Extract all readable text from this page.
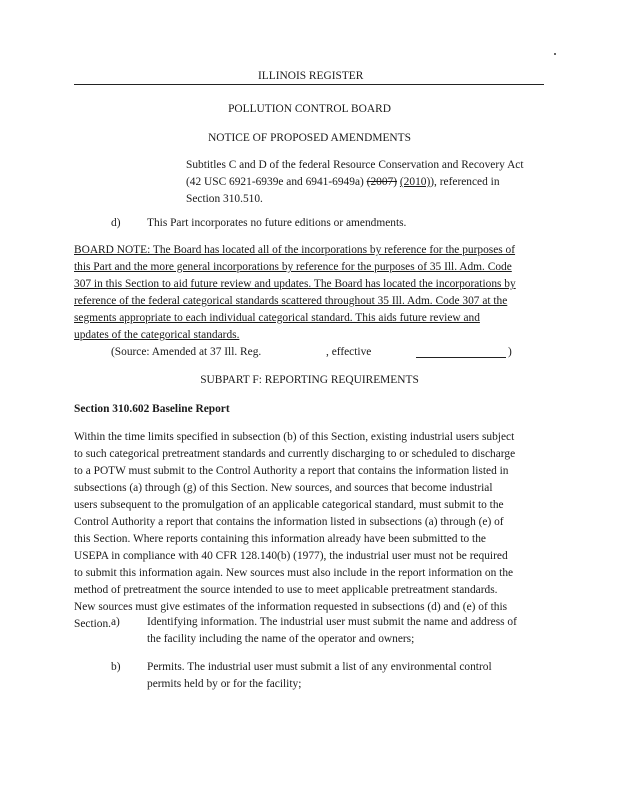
ILLINOIS REGISTER
POLLUTION CONTROL BOARD
NOTICE OF PROPOSED AMENDMENTS
Subtitles C and D of the federal Resource Conservation and Recovery Act
(42 USC 6921-6939e and 6941-6949a) (2007) (2010)), referenced in
Section 310.510.
d) This Part incorporates no future editions or amendments.
BOARD NOTE: The Board has located all of the incorporations by reference for the purposes of
this Part and the more general incorporations by reference for the purposes of 35 Ill. Adm. Code
307 in this Section to aid future review and updates. The Board has located the incorporations by
reference of the federal categorical standards scattered throughout 35 Ill. Adm. Code 307 at the
segments appropriate to each individual categorical standard. This aids future review and
updates of the categorical standards.
(Source: Amended at 37 Ill. Reg.	, effective	)
SUBPART F: REPORTING REQUIREMENTS
Section 310.602 Baseline Report
Within the time limits specified in subsection (b) of this Section, existing industrial users subject
to such categorical pretreatment standards and currently discharging to or scheduled to discharge
to a POTW must submit to the Control Authority a report that contains the information listed in
subsections (a) through (g) of this Section. New sources, and sources that become industrial
users subsequent to the promulgation of an applicable categorical standard, must submit to the
Control Authority a report that contains the information listed in subsections (a) through (e) of
this Section. Where reports containing this information already have been submitted to the
USEPA in compliance with 40 CFR 128.140(b) (1977), the industrial user must not be required
to submit this information again. New sources must also include in the report information on the
method of pretreatment the source intended to use to meet applicable pretreatment standards.
New sources must give estimates of the information requested in subsections (d) and (e) of this
Section. a) Identifying information. The industrial user must submit the name and address of
the facility including the name of the operator and owners;
b) Permits. The industrial user must submit a list of any environmental control
permits held by or for the facility;
